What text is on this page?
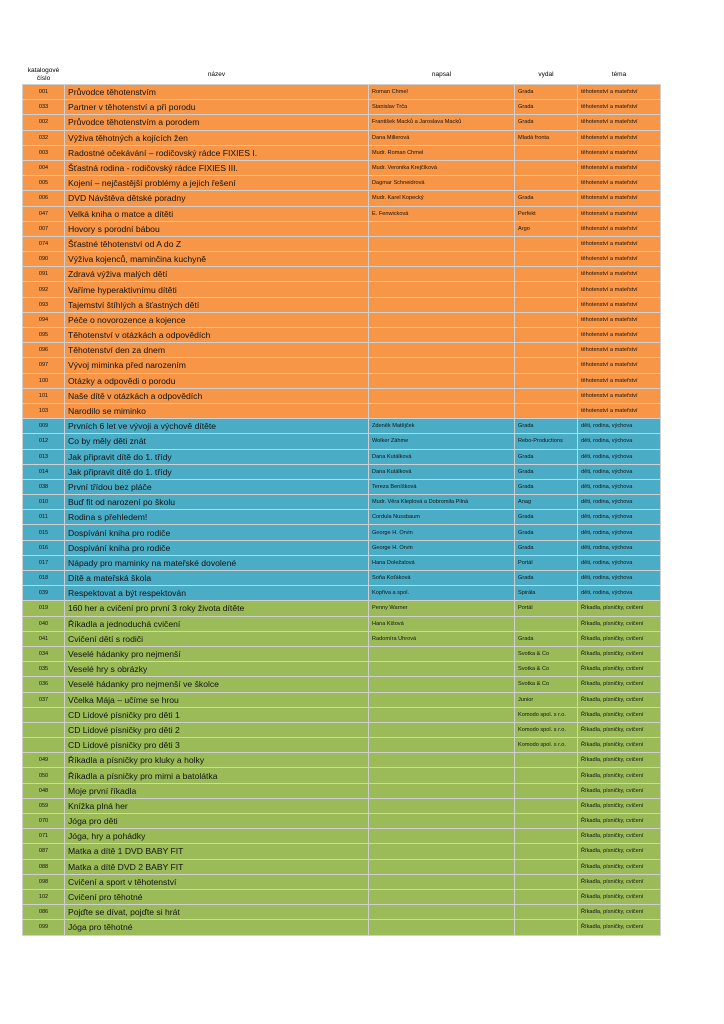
katalogové
číslo	název	napsal	vydal	téma
001	Průvodce těhotenstvím	Roman Chmel	Grada	těhotenství a mateřství
033	Partner v těhotenství a při porodu	Stanislav Trča	Grada	těhotenství a mateřství
002	Průvodce těhotenstvím a porodem	František Macků a Jaroslava Macků	Grada	těhotenství a mateřství
032	Výživa těhotných a kojících žen	Dana Millerová	Mladá fronta	těhotenství a mateřství
003	Radostné očekávání – rodičovský rádce FIXIES I.	Mudr. Roman Chmel		těhotenství a mateřství
004	Šťastná rodina - rodičovský rádce FIXIES III.	Mudr. Veronika Krejčíková		těhotenství a mateřství
005	Kojení – nejčastější problémy a jejich řešení	Dagmar Schneidrová		těhotenství a mateřství
006	DVD Návštěva dětské poradny	Mudr. Karel Kopecký	Grada	těhotenství a mateřství
047	Velká kniha o matce a dítěti	E. Fenwicková	Perfekt	těhotenství a mateřství
007	Hovory s porodní bábou		Argo	těhotenství a mateřství
074	Šťastné těhotenství od A do Z			těhotenství a mateřství
090	Výživa kojenců, maminčina kuchyně			těhotenství a mateřství
091	Zdravá výživa malých dětí			těhotenství a mateřství
092	Vaříme hyperaktivnímu dítěti			těhotenství a mateřství
093	Tajemství štíhlých a šťastných dětí			těhotenství a mateřství
094	Péče o novorozence a kojence			těhotenství a mateřství
095	Těhotenství v otázkách a odpovědích			těhotenství a mateřství
096	Těhotenství den za dnem			těhotenství a mateřství
097	Vývoj miminka před narozením			těhotenství a mateřství
100	Otázky a odpovědi o porodu			těhotenství a mateřství
101	Naše dítě v otázkách a odpovědích			těhotenství a mateřství
103	Narodilo se miminko			těhotenství a mateřství
009	Prvních 6 let ve vývoji a výchově dítěte	Zdeněk Matějček	Grada	děti, rodina, výchova
012	Co by měly děti znát	Wolker Záhme	Rebo-Productions	děti, rodina, výchova
013	Jak připravit dítě do 1. třídy	Dana Kutálková	Grada	děti, rodina, výchova
014	Jak připravit dítě do 1. třídy	Dana Kutálková	Grada	děti, rodina, výchova
038	První třídou bez pláče	Tereza Beníšková	Grada	děti, rodina, výchova
010	Buď fit od narození po školu	Mudr. Věra Kleplová a Dobromila Pilná	Anag	děti, rodina, výchova
011	Rodina s přehledem!	Cordula Nussbaum	Grada	děti, rodina, výchova
015	Dospívání kniha pro rodiče	George H. Orvin	Grada	děti, rodina, výchova
016	Dospívání kniha pro rodiče	George H. Orvin	Grada	děti, rodina, výchova
017	Nápady pro maminky na mateřské dovolené	Hana Doležalová	Portál	děti, rodina, výchova
018	Dítě a mateřská škola	Soňa Koťáková	Grada	děti, rodina, výchova
039	Respektovat a být respektován	Kopřiva a spol.	Spirála	děti, rodina, výchova
019	160 her a cvičení pro první 3 roky života dítěte	Penny Warner	Portál	Říkadla, písničky, cvičení
040	Říkadla a jednoduchá cvičení	Hana Kišová		Říkadla, písničky, cvičení
041	Cvičení dětí s rodiči	Radomíra Uhrová	Grada	Říkadla, písničky, cvičení
034	Veselé hádanky pro nejmenší		Svotka & Co	Říkadla, písničky, cvičení
035	Veselé hry s obrázky		Svotka & Co	Říkadla, písničky, cvičení
036	Veselé hádanky pro nejmenší ve školce		Svotka & Co	Říkadla, písničky, cvičení
037	Včelka Mája – učíme se hrou		Junior	Říkadla, písničky, cvičení
	CD Lidové písničky pro děti 1		Komodo spol. s r.o.	Říkadla, písničky, cvičení
	CD Lidové písničky pro děti 2		Komodo spol. s r.o.	Říkadla, písničky, cvičení
	CD Lidové písničky pro děti 3		Komodo spol. s r.o.	Říkadla, písničky, cvičení
049	Říkadla a písničky pro kluky a holky			Říkadla, písničky, cvičení
050	Říkadla a písničky pro mimi a batolátka			Říkadla, písničky, cvičení
048	Moje první říkadla			Říkadla, písničky, cvičení
059	Knížka plná her			Říkadla, písničky, cvičení
070	Jóga pro děti			Říkadla, písničky, cvičení
071	Jóga, hry a pohádky			Říkadla, písničky, cvičení
087	Matka a dítě 1 DVD BABY FIT			Říkadla, písničky, cvičení
088	Matka a dítě DVD 2 BABY FIT			Říkadla, písničky, cvičení
098	Cvičení a sport v těhotenství			Říkadla, písničky, cvičení
102	Cvičení pro těhotné			Říkadla, písničky, cvičení
086	Pojďte se dívat, pojďte si hrát			Říkadla, písničky, cvičení
099	Jóga pro těhotné			Říkadla, písničky, cvičení
